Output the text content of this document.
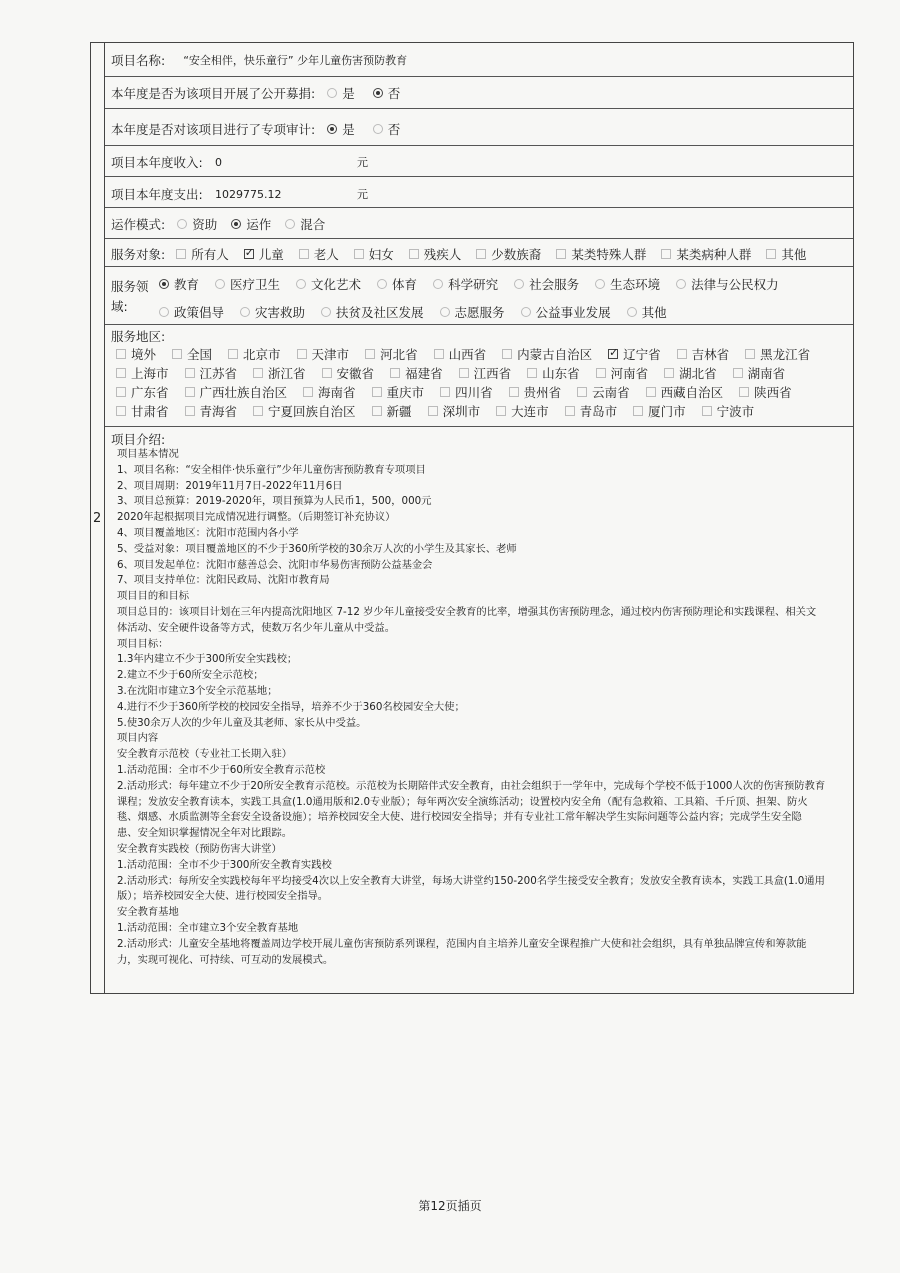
2
项目名称: “安全相伴，快乐童行” 少年儿童伤害预防教育
本年度是否为该项目开展了公开募捐: 是	否
本年度是否对该项目进行了专项审计: 是	否
项目本年度收入:	0	元
项目本年度支出:	1029775.12	元
运作模式: 资助 运作 混合
服务对象: 所有人 ✓ 儿童 老人 妇女 残疾人 少数族裔 某类特殊人群 某类病种人群 其他
服务领
域:
教育 医疗卫生 文化艺术 体育 科学研究 社会服务 生态环境 法律与公民权力
政策倡导 灾害救助 扶贫及社区发展 志愿服务 公益事业发展 其他
服务地区:
境外 全国 北京市 天津市 河北省 山西省 内蒙古自治区 ✓ 辽宁省 吉林省 黑龙江省
上海市 江苏省 浙江省 安徽省 福建省 江西省 山东省 河南省 湖北省 湖南省
广东省 广西壮族自治区 海南省 重庆市 四川省 贵州省 云南省 西藏自治区 陕西省
甘肃省 青海省 宁夏回族自治区 新疆 深圳市 大连市 青岛市 厦门市 宁波市
项目介绍:

项目基本情况

1、项目名称：“安全相伴·快乐童行”少年儿童伤害预防教育专项项目

2、项目周期：2019年11月7日-2022年11月6日

3、项目总预算：2019-2020年，项目预算为人民币1，500，000元

2020年起根据项目完成情况进行调整。（后期签订补充协议）

4、项目覆盖地区：沈阳市范围内各小学

5、受益对象：项目覆盖地区的不少于360所学校的30余万人次的小学生及其家长、老师

6、项目发起单位：沈阳市慈善总会、沈阳市华易伤害预防公益基金会

7、项目支持单位：沈阳民政局、沈阳市教育局

项目目的和目标

项目总目的：该项目计划在三年内提高沈阳地区 7-12 岁少年儿童接受安全教育的比率，增强其伤害预防理念，通过校内伤害预防理论和实践课程、相关文

体活动、安全硬件设备等方式，使数万名少年儿童从中受益。

项目目标：

1.3年内建立不少于300所安全实践校；

2.建立不少于60所安全示范校；

3.在沈阳市建立3个安全示范基地；

4.进行不少于360所学校的校园安全指导，培养不少于360名校园安全大使；

5.使30余万人次的少年儿童及其老师、家长从中受益。

项目内容

安全教育示范校（专业社工长期入驻）

1.活动范围：全市不少于60所安全教育示范校

2.活动形式：每年建立不少于20所安全教育示范校。示范校为长期陪伴式安全教育，由社会组织于一学年中，完成每个学校不低于1000人次的伤害预防教育

课程；发放安全教育读本，实践工具盒(1.0通用版和2.0专业版）；每年两次安全演练活动；设置校内安全角（配有急救箱、工具箱、千斤顶、担架、防火

毯、烟感、水质监测等全套安全设备设施）；培养校园安全大使、进行校园安全指导；并有专业社工常年解决学生实际问题等公益内容；完成学生安全隐

患、安全知识掌握情况全年对比跟踪。

安全教育实践校（预防伤害大讲堂）

1.活动范围：全市不少于300所安全教育实践校

2.活动形式：每所安全实践校每年平均接受4次以上安全教育大讲堂，每场大讲堂约150-200名学生接受安全教育；发放安全教育读本，实践工具盒(1.0通用

版）；培养校园安全大使、进行校园安全指导。

安全教育基地

1.活动范围：全市建立3个安全教育基地

2.活动形式：儿童安全基地将覆盖周边学校开展儿童伤害预防系列课程，范围内自主培养儿童安全课程推广大使和社会组织，具有单独品牌宣传和筹款能

力，实现可视化、可持续、可互动的发展模式。

第12页插页
